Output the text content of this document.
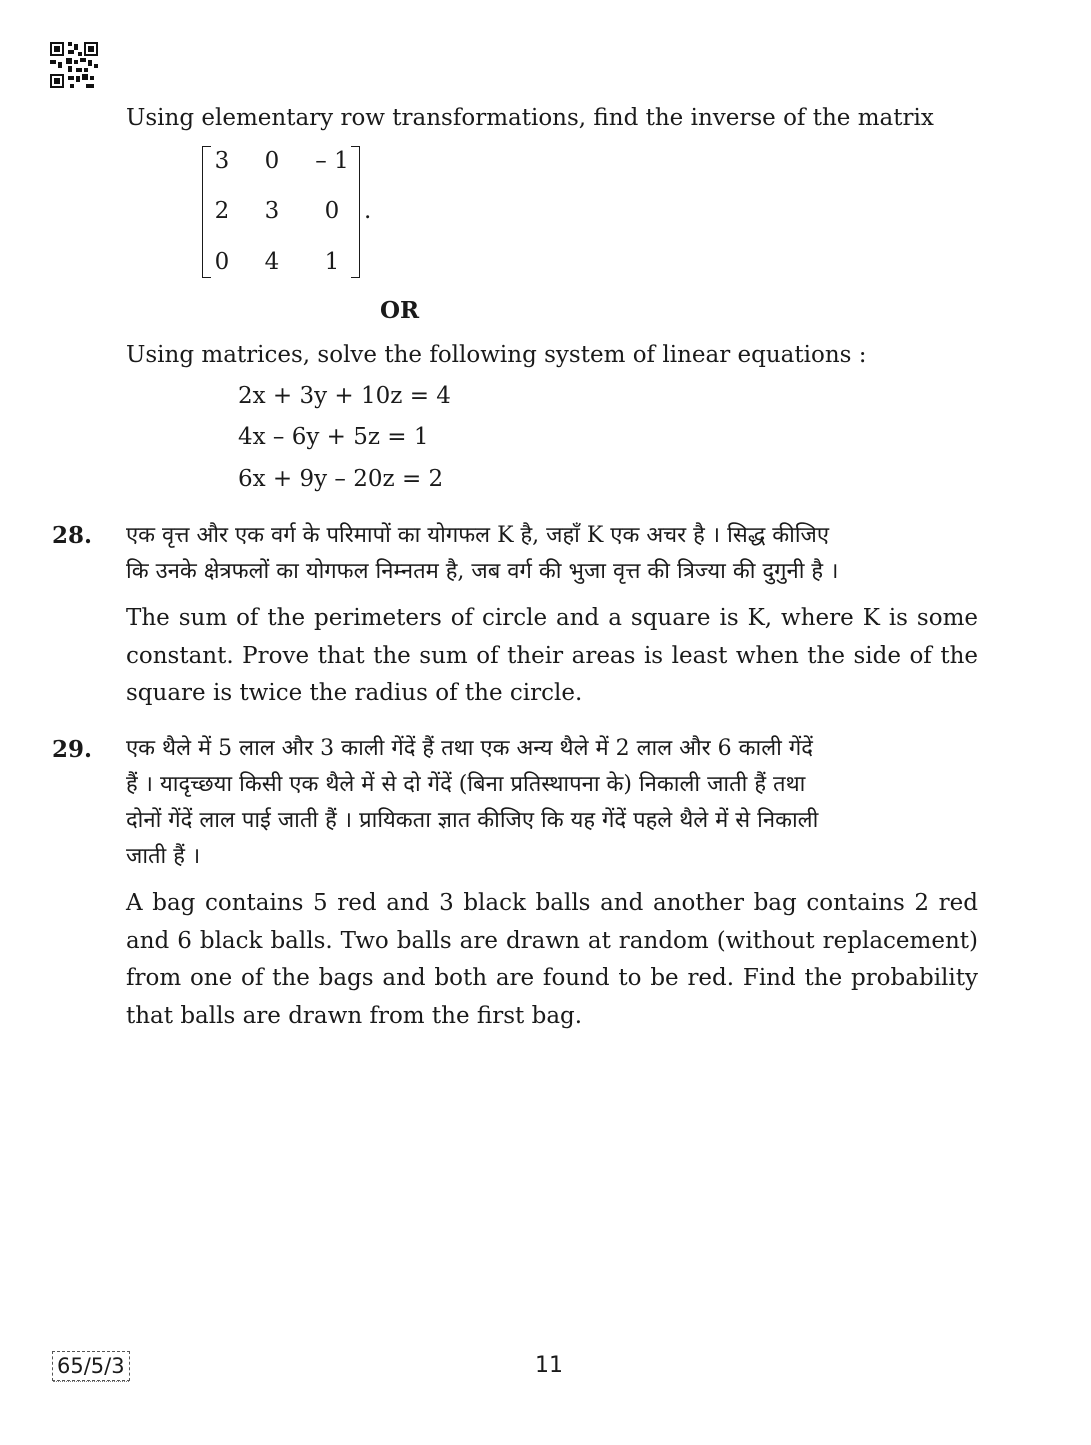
Using elementary row transformations, find the inverse of the matrix
3	0	– 1
2	3	0
0	4	1
.
OR
Using matrices, solve the following system of linear equations :
2x + 3y + 10z = 4
4x – 6y + 5z = 1
6x + 9y – 20z = 2
28. एक वृत्त और एक वर्ग के परिमापों का योगफल K है, जहाँ K एक अचर है । सिद्ध कीजिए
कि उनके क्षेत्रफलों का योगफल निम्नतम है, जब वर्ग की भुजा वृत्त की त्रिज्या की दुगुनी है ।
The sum of the perimeters of circle and a square is K, where K is some constant. Prove that the sum of their areas is least when the side of the square is twice the radius of the circle.
29. एक थैले में 5 लाल और 3 काली गेंदें हैं तथा एक अन्य थैले में 2 लाल और 6 काली गेंदें
हैं । यादृच्छया किसी एक थैले में से दो गेंदें (बिना प्रतिस्थापना के) निकाली जाती हैं तथा
दोनों गेंदें लाल पाई जाती हैं । प्रायिकता ज्ञात कीजिए कि यह गेंदें पहले थैले में से निकाली
जाती हैं ।
A bag contains 5 red and 3 black balls and another bag contains 2 red and 6 black balls. Two balls are drawn at random (without replacement) from one of the bags and both are found to be red. Find the probability that balls are drawn from the first bag.
65/5/3	11
